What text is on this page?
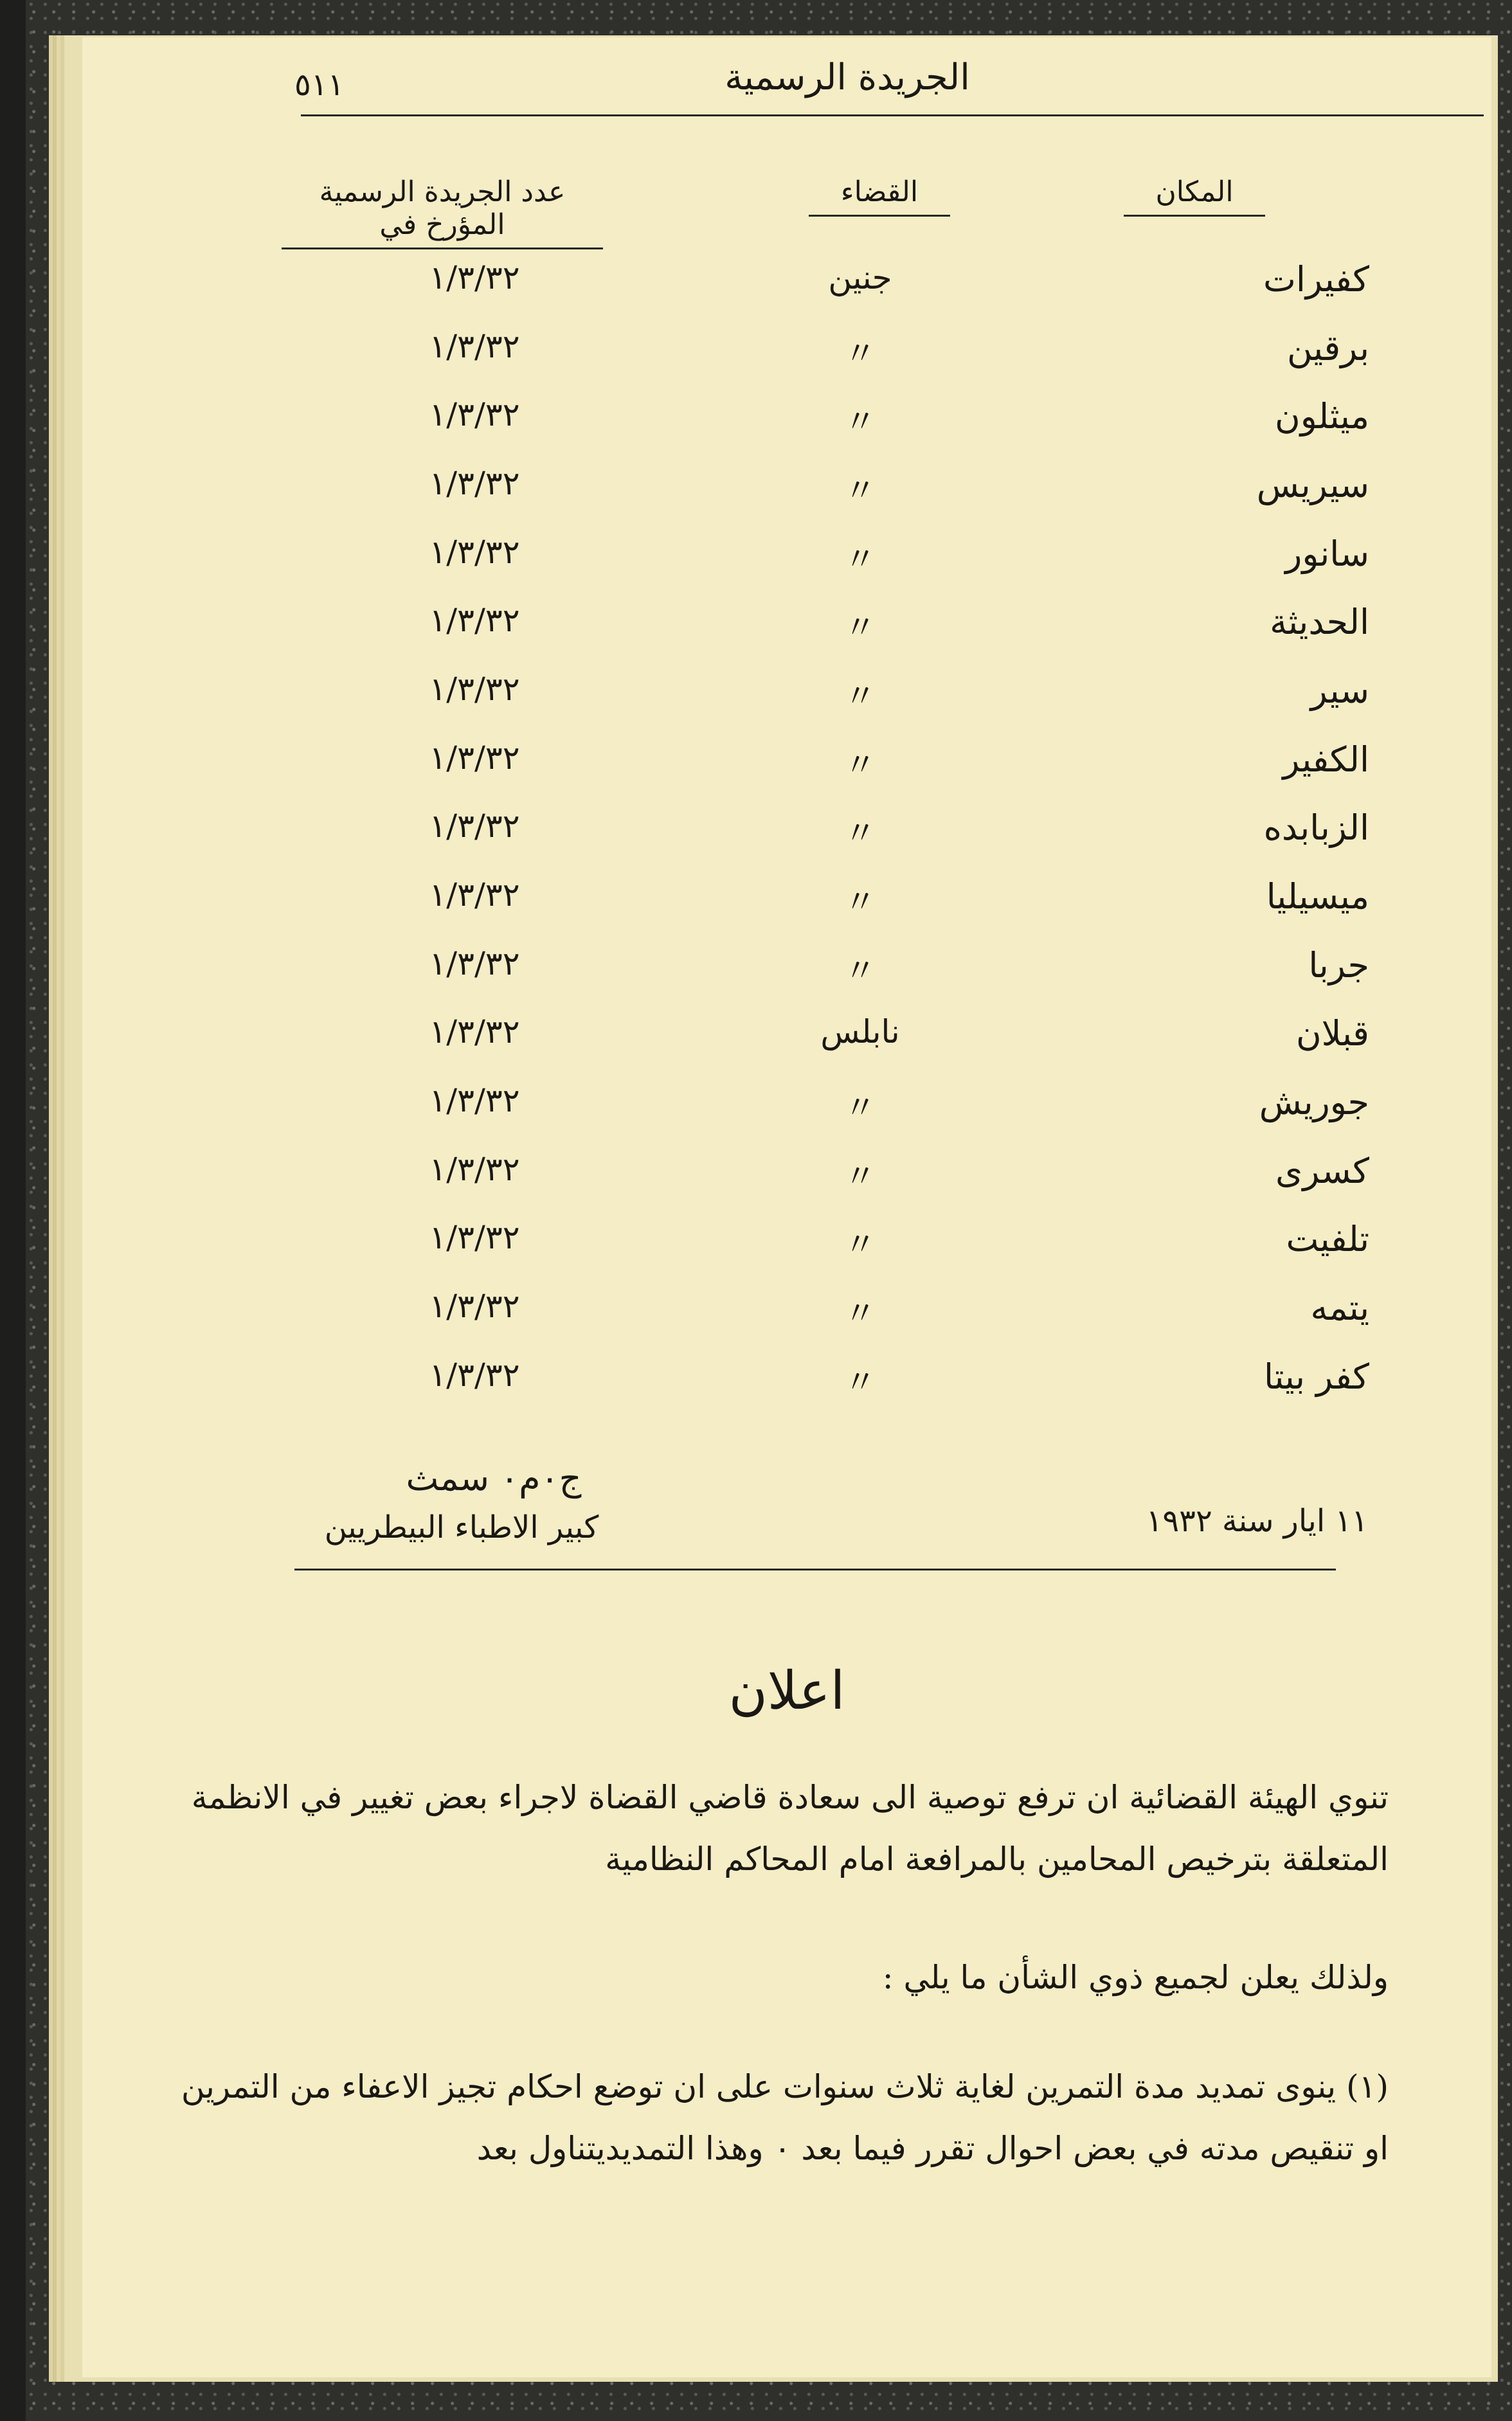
الجريدة الرسمية
٥١١
المكان
القضاء
عدد الجريدة الرسمية المؤرخ في
كفيرات
جنين
١/٣/٣٢
برقين
〃
١/٣/٣٢
ميثلون
〃
١/٣/٣٢
سيريس
〃
١/٣/٣٢
سانور
〃
١/٣/٣٢
الحديثة
〃
١/٣/٣٢
سير
〃
١/٣/٣٢
الكفير
〃
١/٣/٣٢
الزبابده
〃
١/٣/٣٢
ميسيليا
〃
١/٣/٣٢
جربا
〃
١/٣/٣٢
قبلان
نابلس
١/٣/٣٢
جوريش
〃
١/٣/٣٢
كسرى
〃
١/٣/٣٢
تلفيت
〃
١/٣/٣٢
يتمه
〃
١/٣/٣٢
كفر بيتا
〃
١/٣/٣٢
ج٠م٠ سمث
كبير الاطباء البيطريين	١١ ايار سنة ١٩٣٢
اعلان
تنوي الهيئة القضائية ان ترفع توصية الى سعادة قاضي القضاة لاجراء بعض تغيير في الانظمة المتعلقة بترخيص المحامين بالمرافعة امام المحاكم النظامية
ولذلك يعلن لجميع ذوي الشأن ما يلي :
(١) ينوى تمديد مدة التمرين لغاية ثلاث سنوات على ان توضع احكام تجيز الاعفاء من التمرين او تنقيص مدته في بعض احوال تقرر فيما بعد ٠ وهذا التمديديتناول بعد
